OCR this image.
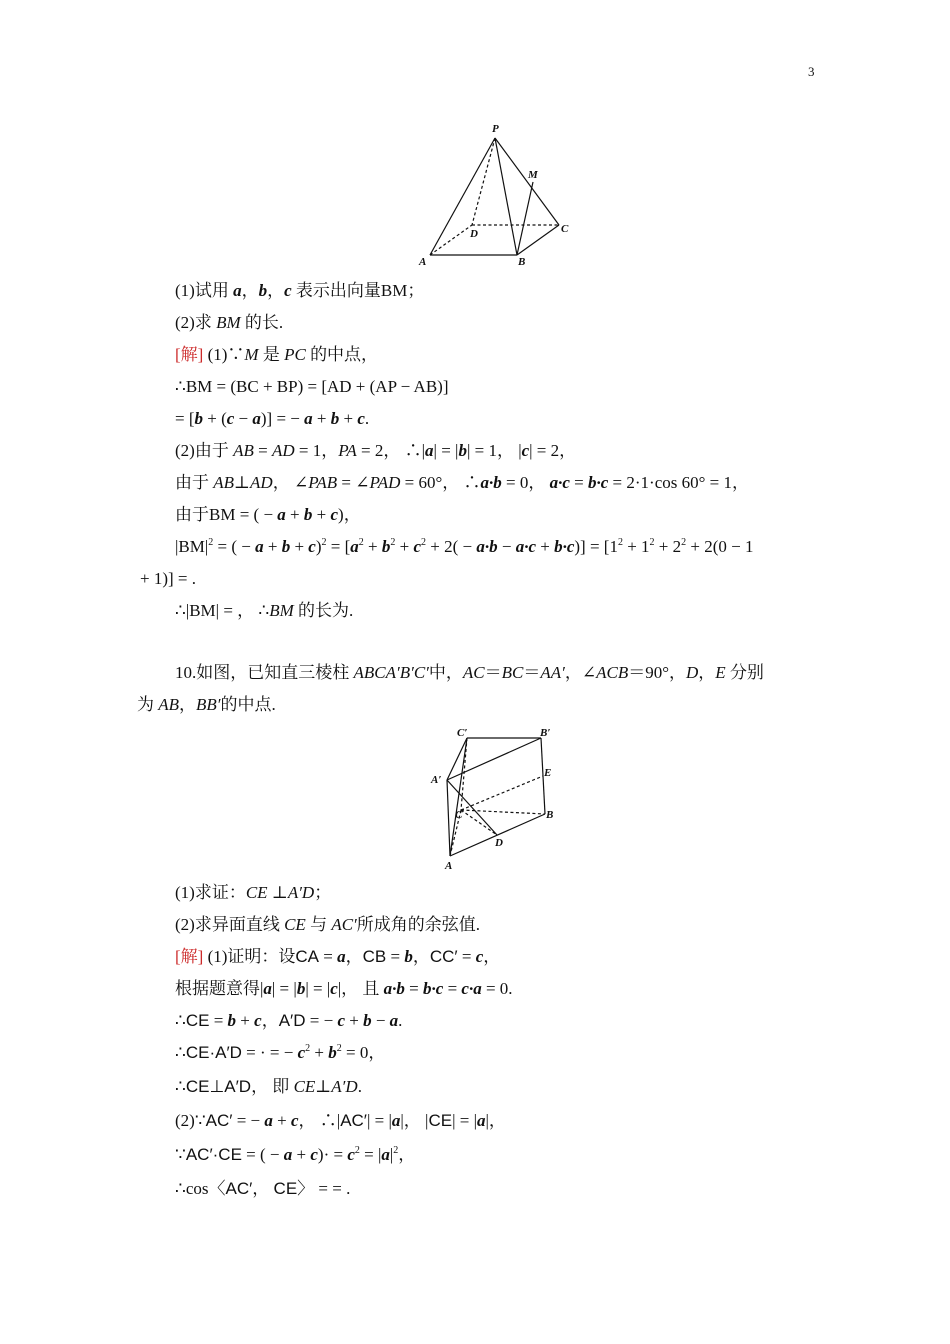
3
P
M
D	C
A	B
(1)试用 a，b，c 表示出向量BM；
(2)求 BM 的长.
[解] (1)∵M 是 PC 的中点，
∴BM = (BC + BP) = [AD + (AP − AB)]
= [b + (c − a)] = − a + b + c.
(2)由于 AB = AD = 1，PA = 2， ∴|a| = |b| = 1， |c| = 2，
由于 AB⊥AD， ∠PAB = ∠PAD = 60°， ∴a·b = 0， a·c = b·c = 2·1·cos 60° = 1，
由于BM = ( − a + b + c)，
$|BM|^2$ = ( − $a + b + c)^2 = [a^2 + b^2 + c^2 + 2( - a\cdot b - a\cdot c + b\cdot c)] = [1^2 + 1^2 + 2^2 + 2(0 - 1$
+ 1)] = .
∴|BM| = ， ∴BM 的长为.
10.如图，已知直三棱柱 ABCA′B′C′中，AC＝BC＝AA′，∠ACB＝90°，D，E 分别
为 AB，BB′的中点.
C′	B′
A′
E
C	B
D
A
(1)求证：CE ⊥A′D；
(2)求异面直线 CE 与 AC′所成角的余弦值.
[解] (1)证明：设CA = a，CB = b，CC′ = c，
根据题意得|a| = |b| = |c|， 且 a·b = b·c = c·a = 0.
∴CE = b + c，A′D = − c + b − a.
∴CE·A′D = · = − $c^2 + b^2 = 0$，
∴CE⊥A′D， 即 CE⊥A′D.
(2)∵AC′ = − a + c， ∴|AC′| = |a|， |CE| = |a|，
∵AC′·CE = ( − $a + c)\cdot = c^2 = |a|^2$，
∴cos〈AC′， CE〉 = = .
